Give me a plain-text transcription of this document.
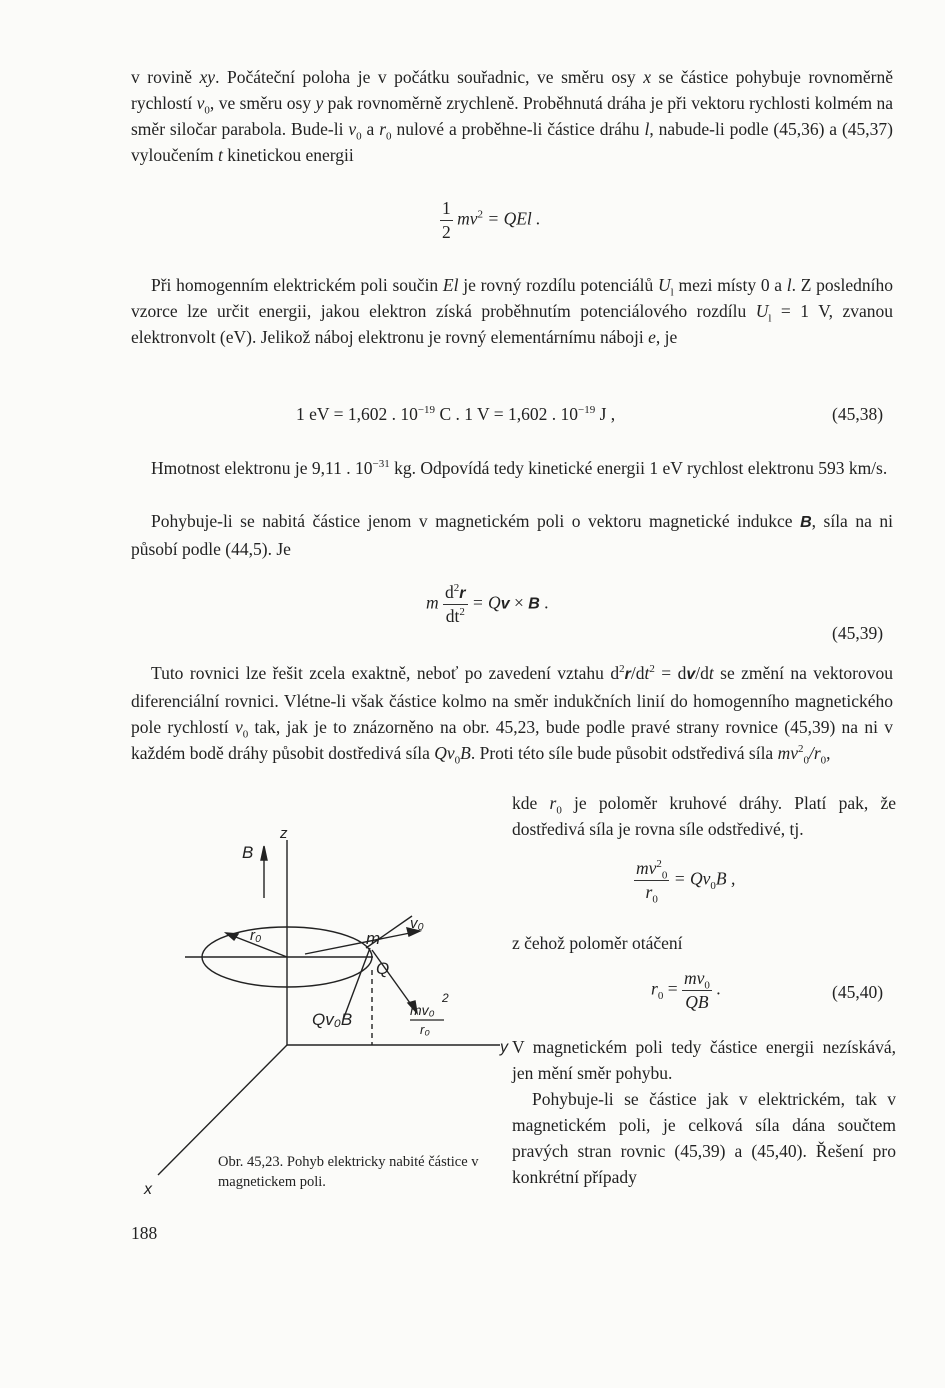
v rovině xy. Počáteční poloha je v počátku souřadnic, ve směru osy x se částice pohybuje rovnoměrně rychlostí $v_0$, ve směru osy y pak rovnoměrně zrychleně. Proběhnutá dráha je při vektoru rychlosti kolmém na směr siločar parabola. Bude-li $v_0$ a $r_0$ nulové a proběhne-li částice dráhu l, nabude-li podle (45,36) a (45,37) vyloučením t kinetickou energii

$\frac{1}{2} mv^2$ = QEl .

Při homogenním elektrickém poli součin El je rovný rozdílu potenciálů $U_l$ mezi místy 0 a l. Z posledního vzorce lze určit energii, jakou elektron získá proběhnutím potenciálového rozdílu $U_l = 1$ V, zvanou elektronvolt (eV). Jelikož náboj elektronu je rovný elementárnímu náboji e, je

1 eV = 1,602 . $10^{-19}$ C . 1 V = 1,602 . $10^{-19}$ J ,	(45,38)

Hmotnost elektronu je 9,11 . $10^{-31}$ kg. Odpovídá tedy kinetické energii 1 eV rychlost elektronu 593 km/s.

Pohybuje-li se nabitá částice jenom v magnetickém poli o vektoru magnetické indukce B, síla na ni působí podle (44,5). Je

m $\frac{d^2r}{dt^2} = Qv \times B$ .
(45,39)

Tuto rovnici lze řešit zcela exaktně, neboť po zavedení vztahu $d^2r/dt^2 = dv/dt$ se změní na vektorovou diferenciální rovnici. Vlétne-li však částice kolmo na směr indukčních linií do homogenního magnetického pole rychlostí $v_0$ tak, jak je to znázorněno na obr. 45,23, bude podle pravé strany rovnice (45,39) na ni v každém bodě dráhy působit dostředivá síla $Qv_0B$. Proti této síle bude působit odstředivá síla $mv^2_0/r_0$,

kde $r_0$ je poloměr kruhové dráhy. Platí pak, že dostředivá síla je rovna síle odstředivé, tj.

$\frac{mv^2_0}{r_0} = Qv_0B$ ,

z čehož poloměr otáčení

$r_0 = \frac{mv_0}{QB}$ .	(45,40)

V magnetickém poli tedy částice energii nezískává, jen mění směr pohybu.

Pohybuje-li se částice jak v elektrickém, tak v magnetickém poli, je celková síla dána součtem pravých stran rovnic (45,39) a (45,40). Řešení pro konkrétní případy

B
z
y
x
r₀	m
v₀
Q
Qv₀B	mv₀
2
r₀

Obr. 45,23. Pohyb elektricky nabité částice v magnetickem poli.

188
